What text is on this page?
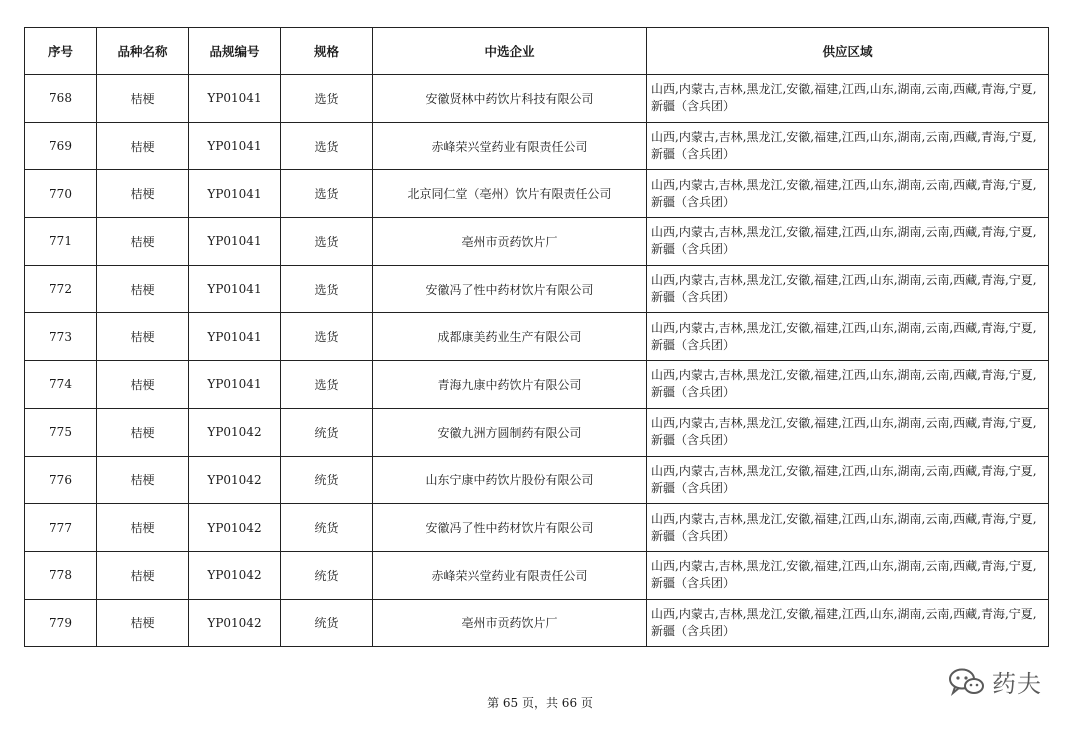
序号	品种名称	品规编号	规格	中选企业	供应区域
768	桔梗	YP01041	选货	安徽贤林中药饮片科技有限公司	山西,内蒙古,吉林,黑龙江,安徽,福建,江西,山东,湖南,云南,西藏,青海,宁夏,新疆（含兵团）
769	桔梗	YP01041	选货	赤峰荣兴堂药业有限责任公司	山西,内蒙古,吉林,黑龙江,安徽,福建,江西,山东,湖南,云南,西藏,青海,宁夏,新疆（含兵团）
770	桔梗	YP01041	选货	北京同仁堂（亳州）饮片有限责任公司	山西,内蒙古,吉林,黑龙江,安徽,福建,江西,山东,湖南,云南,西藏,青海,宁夏,新疆（含兵团）
771	桔梗	YP01041	选货	亳州市贡药饮片厂	山西,内蒙古,吉林,黑龙江,安徽,福建,江西,山东,湖南,云南,西藏,青海,宁夏,新疆（含兵团）
772	桔梗	YP01041	选货	安徽冯了性中药材饮片有限公司	山西,内蒙古,吉林,黑龙江,安徽,福建,江西,山东,湖南,云南,西藏,青海,宁夏,新疆（含兵团）
773	桔梗	YP01041	选货	成都康美药业生产有限公司	山西,内蒙古,吉林,黑龙江,安徽,福建,江西,山东,湖南,云南,西藏,青海,宁夏,新疆（含兵团）
774	桔梗	YP01041	选货	青海九康中药饮片有限公司	山西,内蒙古,吉林,黑龙江,安徽,福建,江西,山东,湖南,云南,西藏,青海,宁夏,新疆（含兵团）
775	桔梗	YP01042	统货	安徽九洲方圆制药有限公司	山西,内蒙古,吉林,黑龙江,安徽,福建,江西,山东,湖南,云南,西藏,青海,宁夏,新疆（含兵团）
776	桔梗	YP01042	统货	山东宁康中药饮片股份有限公司	山西,内蒙古,吉林,黑龙江,安徽,福建,江西,山东,湖南,云南,西藏,青海,宁夏,新疆（含兵团）
777	桔梗	YP01042	统货	安徽冯了性中药材饮片有限公司	山西,内蒙古,吉林,黑龙江,安徽,福建,江西,山东,湖南,云南,西藏,青海,宁夏,新疆（含兵团）
778	桔梗	YP01042	统货	赤峰荣兴堂药业有限责任公司	山西,内蒙古,吉林,黑龙江,安徽,福建,江西,山东,湖南,云南,西藏,青海,宁夏,新疆（含兵团）
779	桔梗	YP01042	统货	亳州市贡药饮片厂	山西,内蒙古,吉林,黑龙江,安徽,福建,江西,山东,湖南,云南,西藏,青海,宁夏,新疆（含兵团）
第 65 页，共 66 页
药夫
